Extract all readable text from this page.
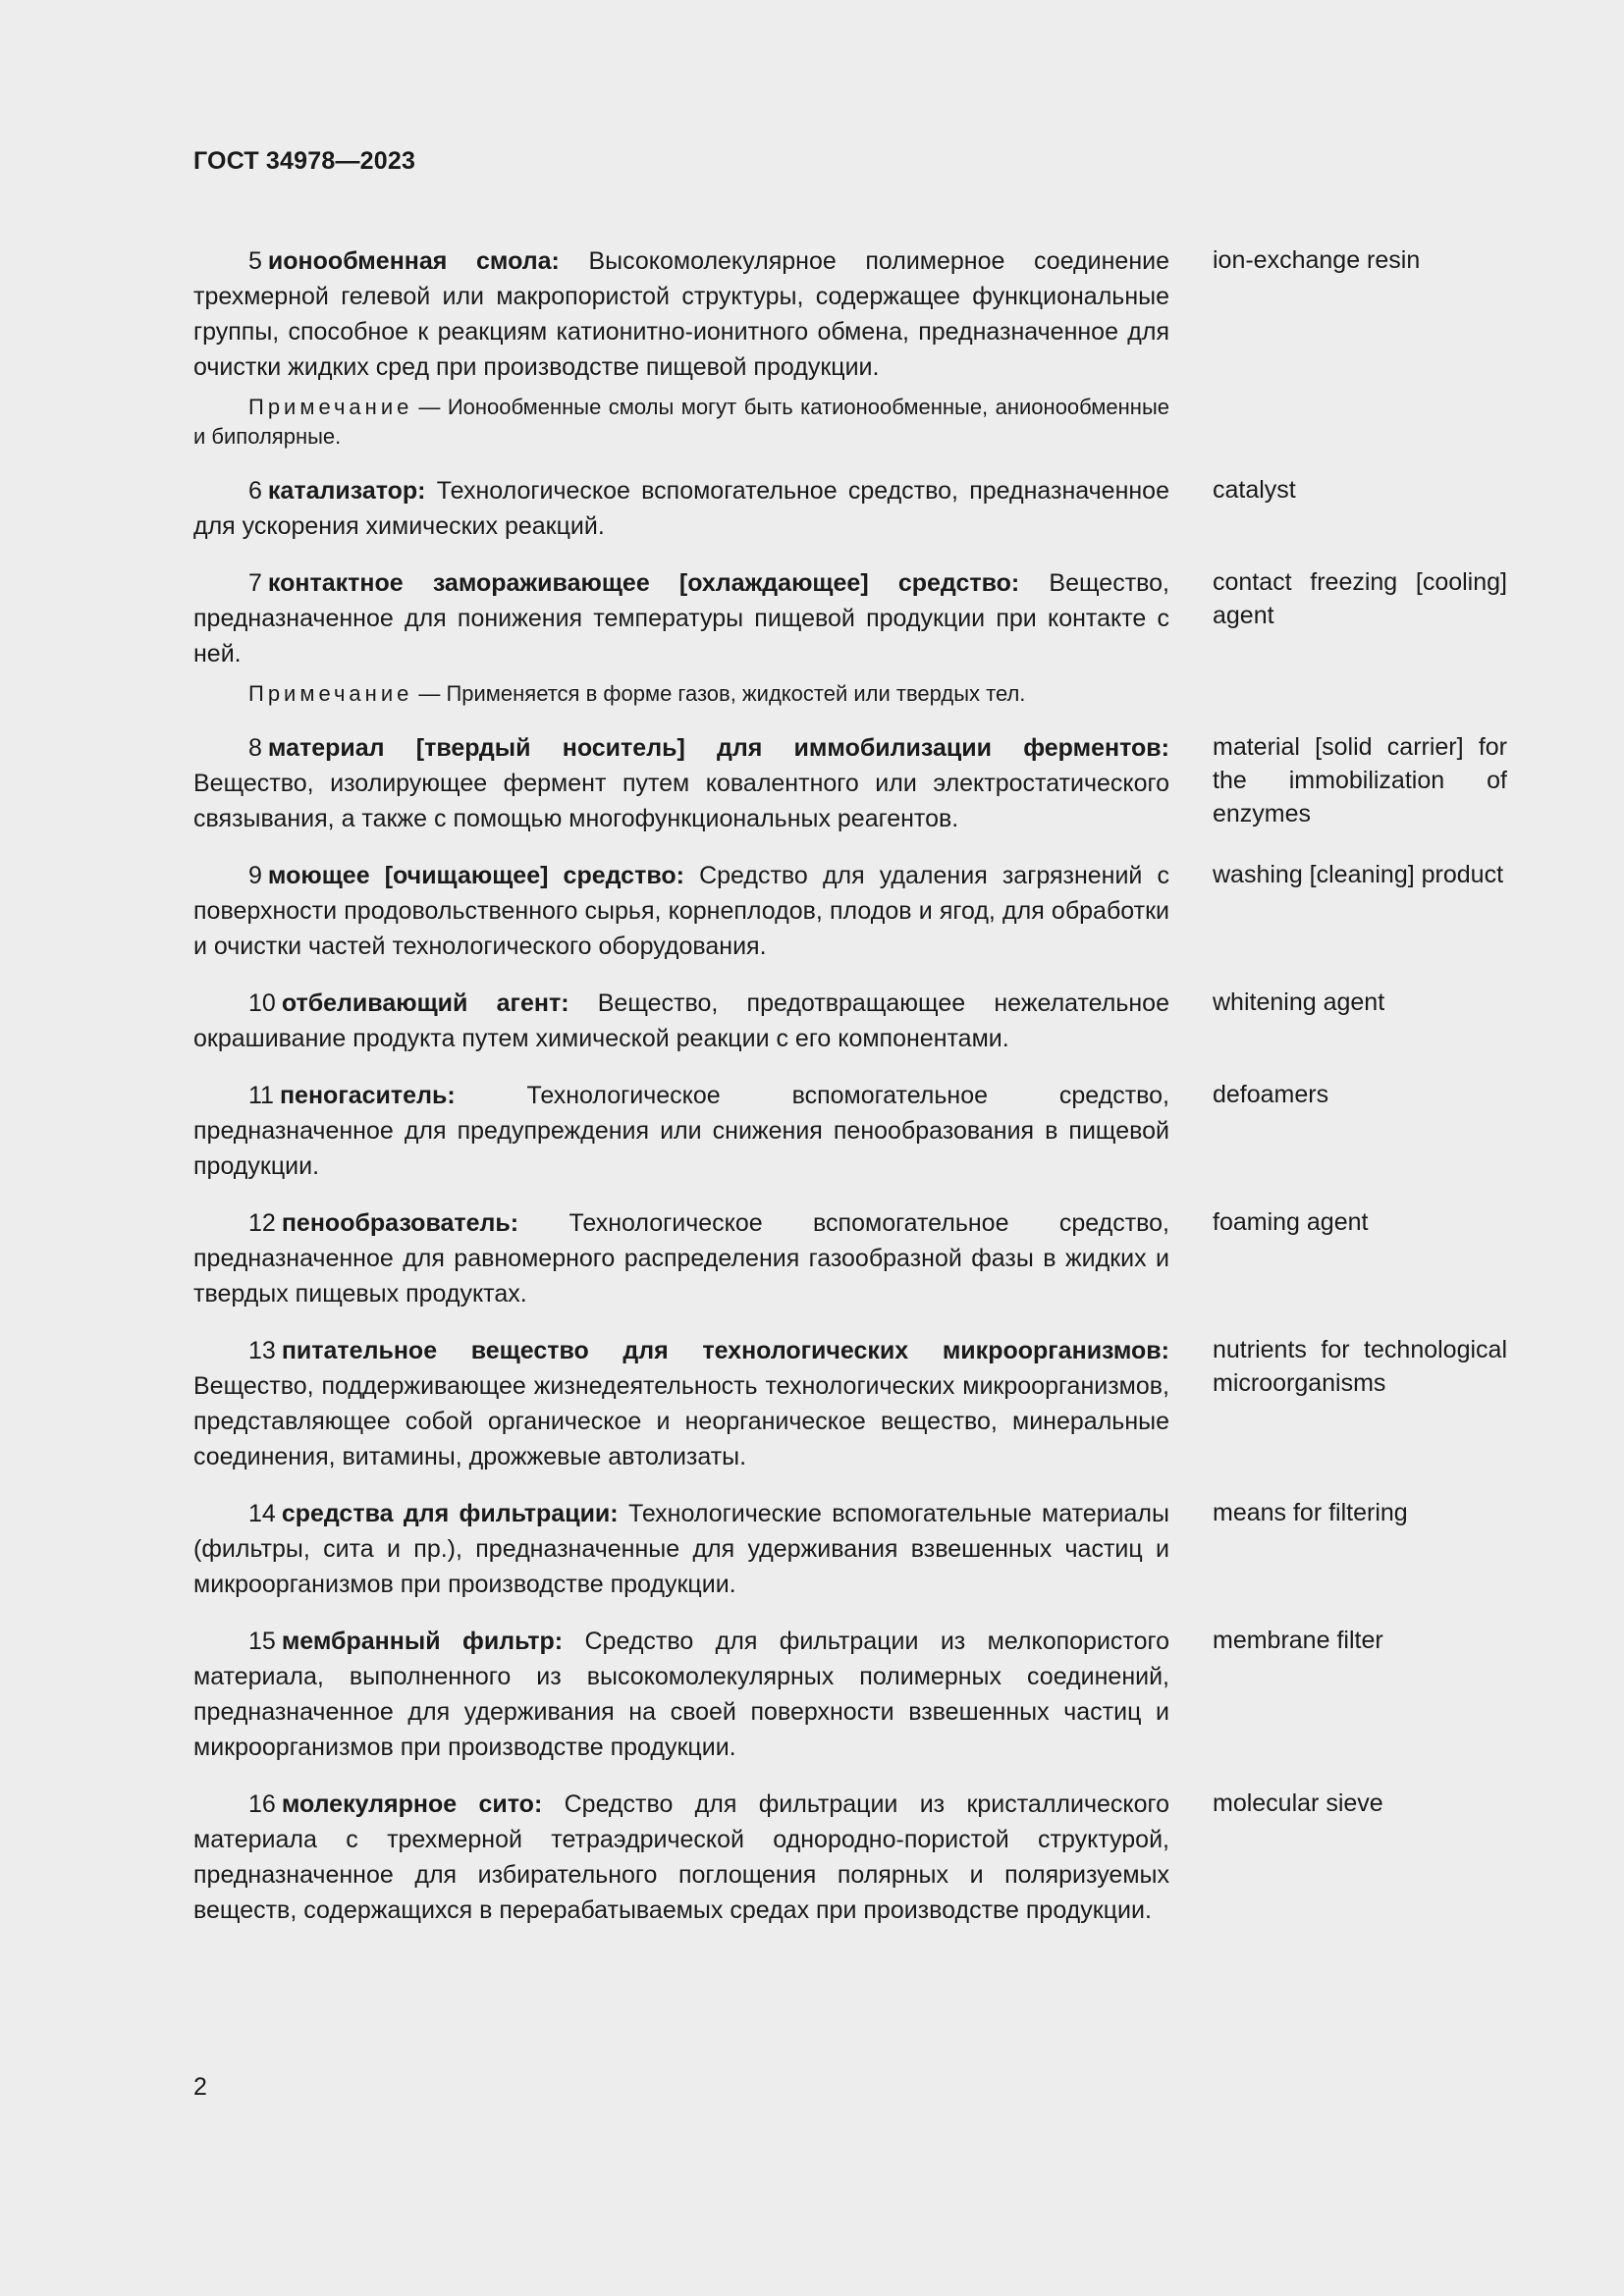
ГОСТ 34978—2023

5 ионообменная смола: Высокомолекулярное полимерное соединение трехмерной гелевой или макропористой структуры, содержащее функциональные группы, способное к реакциям катионитно-ионитного обмена, предназначенное для очистки жидких сред при производстве пищевой продукции.

Примечание — Ионообменные смолы могут быть катионообменные, анионообменные и биполярные.

ion-exchange resin

6 катализатор: Технологическое вспомогательное средство, предназначенное для ускорения химических реакций.

catalyst

7 контактное замораживающее [охлаждающее] средство: Вещество, предназначенное для понижения температуры пищевой продукции при контакте с ней.

Примечание — Применяется в форме газов, жидкостей или твердых тел.

contact freezing [cooling] agent

8 материал [твердый носитель] для иммобилизации ферментов: Вещество, изолирующее фермент путем ковалентного или электростатического связывания, а также с помощью многофункциональных реагентов.

material [solid carrier] for the immobilization of enzymes

9 моющее [очищающее] средство: Средство для удаления загрязнений с поверхности продовольственного сырья, корнеплодов, плодов и ягод, для обработки и очистки частей технологического оборудования.

washing [cleaning] product

10 отбеливающий агент: Вещество, предотвращающее нежелательное окрашивание продукта путем химической реакции с его компонентами.

whitening agent

11 пеногаситель:	Технологическое вспомогательное средство, предназначенное для предупреждения или снижения пенообразования в пищевой продукции.

defoamers

12 пенообразователь: Технологическое вспомогательное средство, предназначенное для равномерного распределения газообразной фазы в жидких и твердых пищевых продуктах.

foaming agent

13 питательное вещество для технологических микроорганизмов: Вещество, поддерживающее жизнедеятельность технологических микроорганизмов, представляющее собой органическое и неорганическое вещество, минеральные соединения, витамины, дрожжевые автолизаты.

nutrients for technological microorganisms

14 средства для фильтрации: Технологические вспомогательные материалы (фильтры, сита и пр.), предназначенные для удерживания взвешенных частиц и микроорганизмов при производстве продукции.

means for filtering

15 мембранный фильтр: Средство для фильтрации из мелкопористого материала, выполненного из высокомолекулярных полимерных соединений, предназначенное для удерживания на своей поверхности взвешенных частиц и микроорганизмов при производстве продукции.

membrane filter

16 молекулярное сито: Средство для фильтрации из кристаллического материала с трехмерной тетраэдрической однородно-пористой структурой, предназначенное для избирательного поглощения полярных и поляризуемых веществ, содержащихся в перерабатываемых средах при производстве продукции.

molecular sieve
2
